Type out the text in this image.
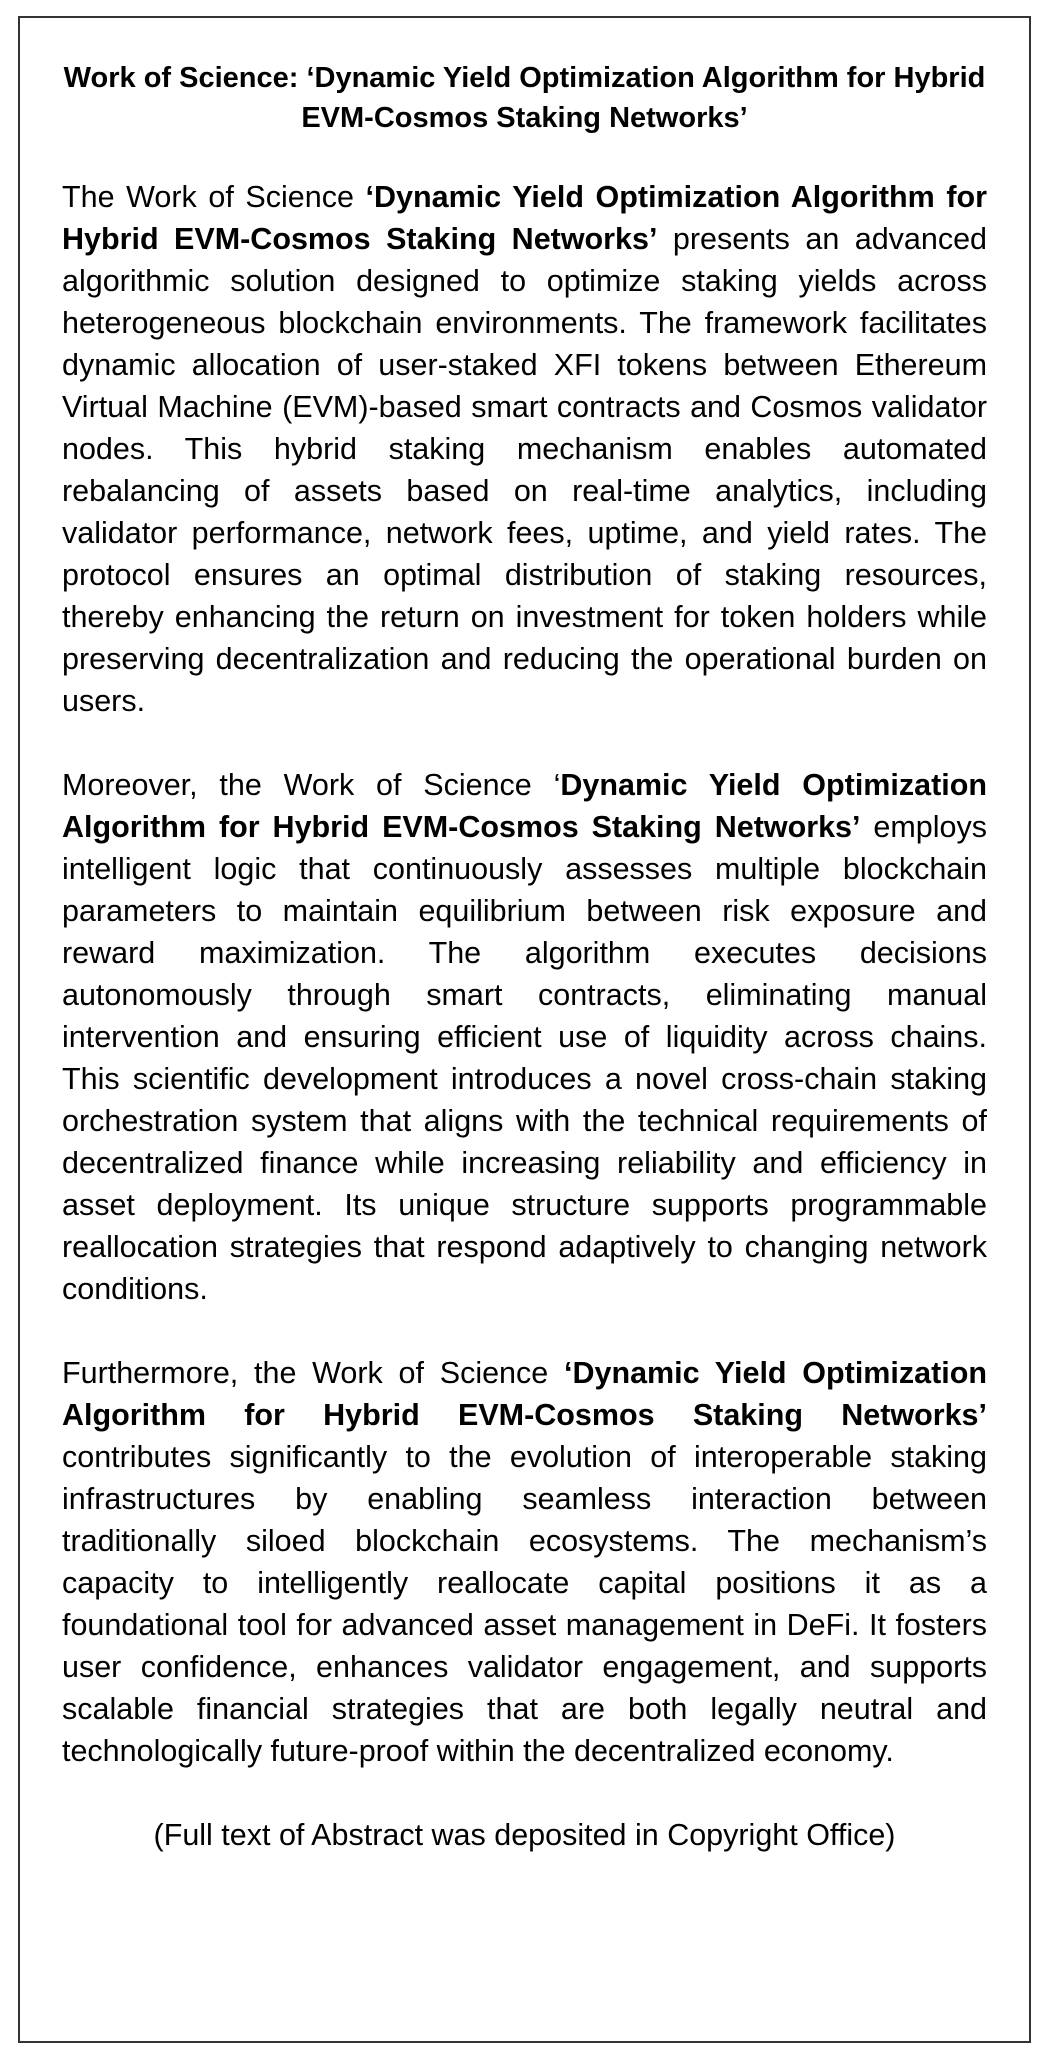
Work of Science: ‘Dynamic Yield Optimization Algorithm for Hybrid EVM-Cosmos Staking Networks’

The Work of Science ‘Dynamic Yield Optimization Algorithm for Hybrid EVM-Cosmos Staking Networks’ presents an advanced algorithmic solution designed to optimize staking yields across heterogeneous blockchain environments. The framework facilitates dynamic allocation of user-staked XFI tokens between Ethereum Virtual Machine (EVM)-based smart contracts and Cosmos validator nodes. This hybrid staking mechanism enables automated rebalancing of assets based on real-time analytics, including validator performance, network fees, uptime, and yield rates. The protocol ensures an optimal distribution of staking resources, thereby enhancing the return on investment for token holders while preserving decentralization and reducing the operational burden on users.

Moreover, the Work of Science ‘Dynamic Yield Optimization Algorithm for Hybrid EVM-Cosmos Staking Networks’ employs intelligent logic that continuously assesses multiple blockchain parameters to maintain equilibrium between risk exposure and reward maximization. The algorithm executes decisions autonomously through smart contracts, eliminating manual intervention and ensuring efficient use of liquidity across chains. This scientific development introduces a novel cross-chain staking orchestration system that aligns with the technical requirements of decentralized finance while increasing reliability and efficiency in asset deployment. Its unique structure supports programmable reallocation strategies that respond adaptively to changing network conditions.

Furthermore, the Work of Science ‘Dynamic Yield Optimization Algorithm for Hybrid EVM-Cosmos Staking Networks’ contributes significantly to the evolution of interoperable staking infrastructures by enabling seamless interaction between traditionally siloed blockchain ecosystems. The mechanism’s capacity to intelligently reallocate capital positions it as a foundational tool for advanced asset management in DeFi. It fosters user confidence, enhances validator engagement, and supports scalable financial strategies that are both legally neutral and technologically future-proof within the decentralized economy.

(Full text of Abstract was deposited in Copyright Office)
